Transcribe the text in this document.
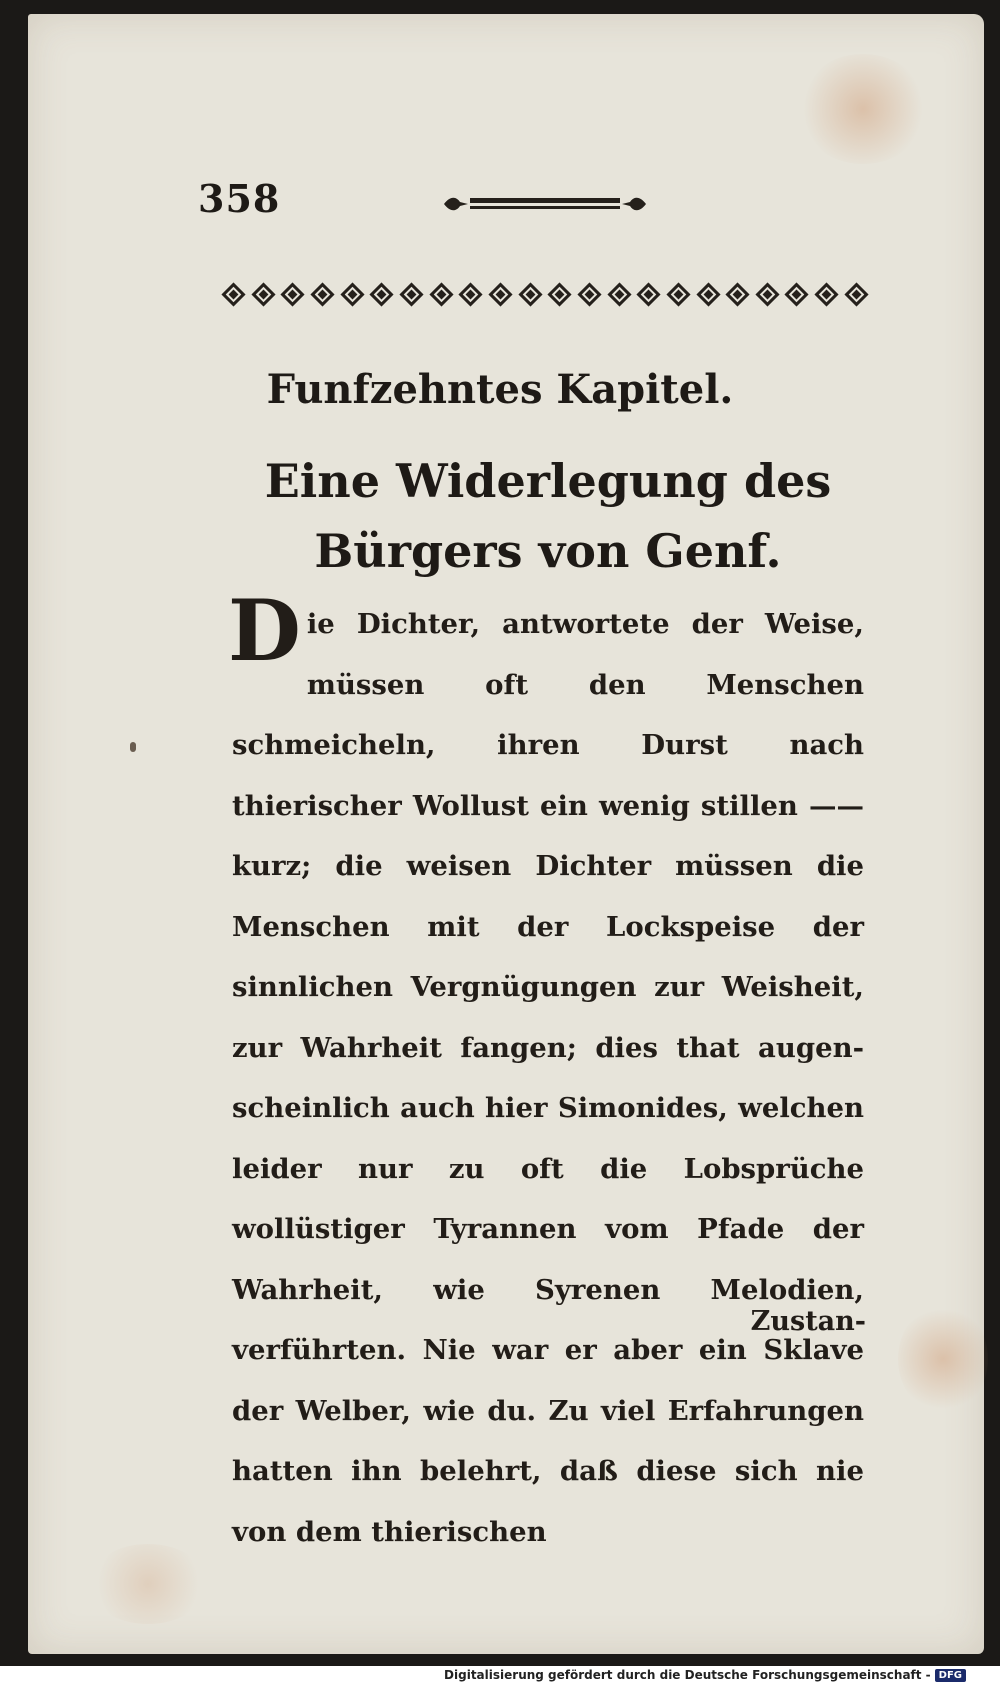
358
Funfzehntes Kapitel.
Eine Widerlegung des Bürgers von Genf.

Die Dichter, antwortete der Weise, müssen oft den Menschen schmeicheln, ihren Durst nach thierischer Wollust ein wenig stillen —— kurz; die weisen Dichter müssen die Menschen mit der Lockspeise der sinnlichen Vergnügungen zur Weisheit, zur Wahrheit fangen; dies that augenscheinlich auch hier Simonides, welchen leider nur zu oft die Lobsprüche wollüstiger Tyrannen vom Pfade der Wahrheit, wie Syrenen Melodien, verführten. Nie war er aber ein Sklave der Welber, wie du. Zu viel Erfahrungen hatten ihn belehrt, daß diese sich nie von dem thierischen

Zustan-
Digitalisierung gefördert durch die Deutsche Forschungsgemeinschaft - DFG
